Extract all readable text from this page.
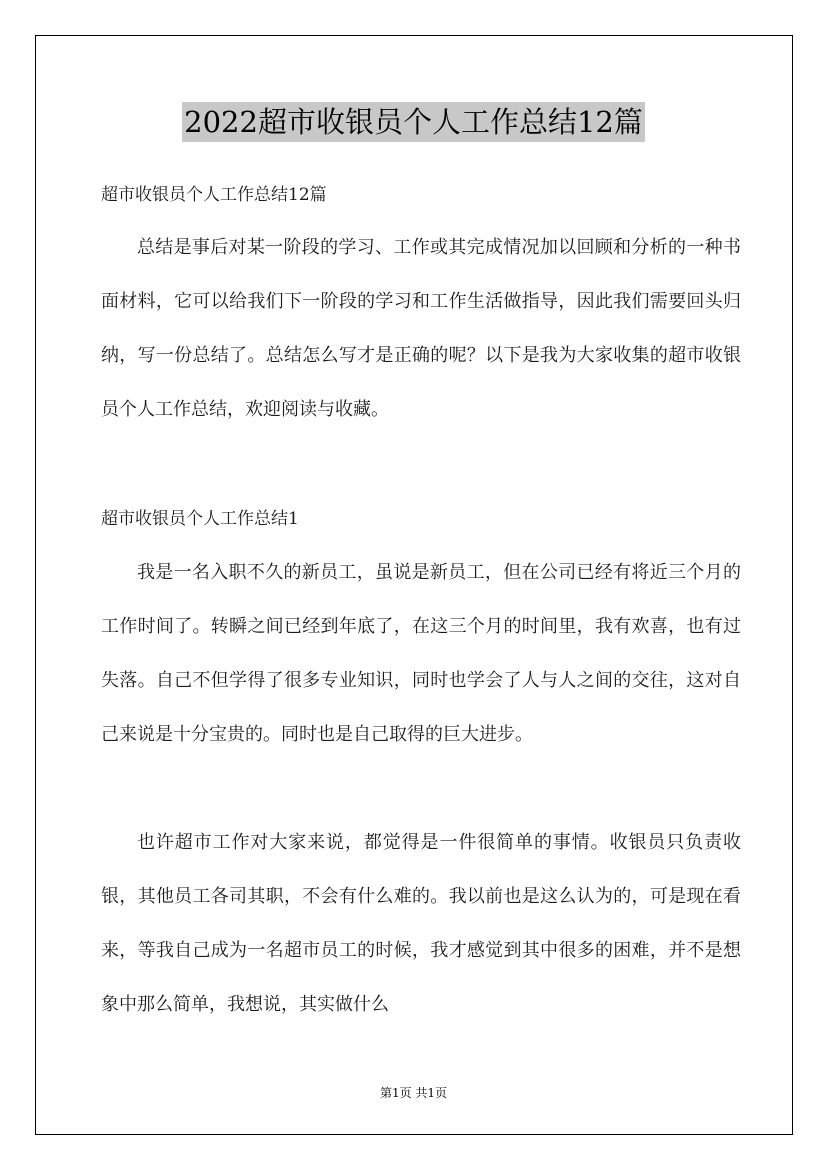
2022超市收银员个人工作总结12篇

超市收银员个人工作总结12篇

总结是事后对某一阶段的学习、工作或其完成情况加以回顾和分析的一种书面材料，它可以给我们下一阶段的学习和工作生活做指导，因此我们需要回头归纳，写一份总结了。总结怎么写才是正确的呢？以下是我为大家收集的超市收银员个人工作总结，欢迎阅读与收藏。

超市收银员个人工作总结1

我是一名入职不久的新员工，虽说是新员工，但在公司已经有将近三个月的工作时间了。转瞬之间已经到年底了，在这三个月的时间里，我有欢喜，也有过失落。自己不但学得了很多专业知识，同时也学会了人与人之间的交往，这对自己来说是十分宝贵的。同时也是自己取得的巨大进步。

也许超市工作对大家来说，都觉得是一件很简单的事情。收银员只负责收银，其他员工各司其职，不会有什么难的。我以前也是这么认为的，可是现在看来，等我自己成为一名超市员工的时候，我才感觉到其中很多的困难，并不是想象中那么简单，我想说，其实做什么

第1页 共1页
